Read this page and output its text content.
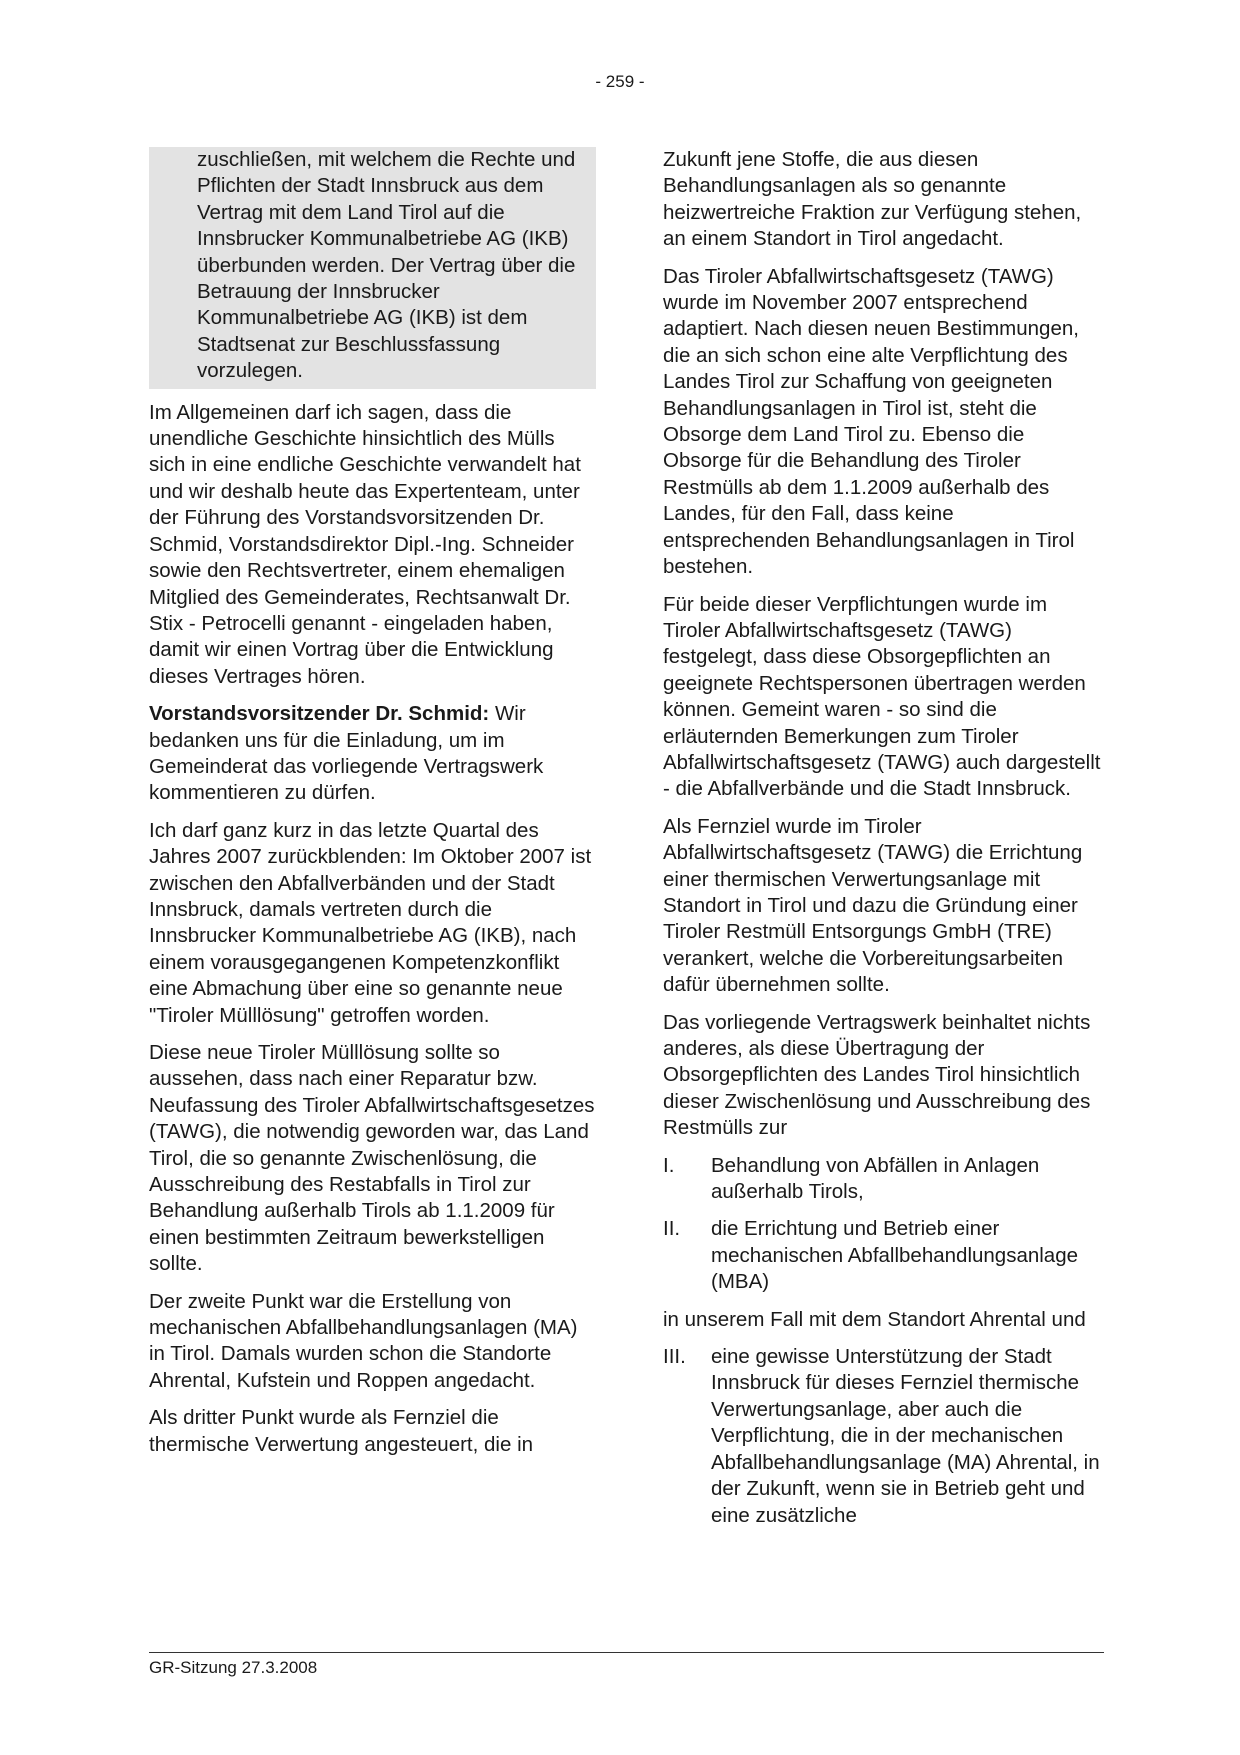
- 259 -
zuschließen, mit welchem die Rechte und Pflichten der Stadt Innsbruck aus dem Vertrag mit dem Land Tirol auf die Innsbrucker Kommunalbetriebe AG (IKB) überbunden werden. Der Vertrag über die Betrauung der Innsbrucker Kommunalbetriebe AG (IKB) ist dem Stadtsenat zur Beschlussfassung vorzulegen.

Im Allgemeinen darf ich sagen, dass die unendliche Geschichte hinsichtlich des Mülls sich in eine endliche Geschichte verwandelt hat und wir deshalb heute das Expertenteam, unter der Führung des Vorstandsvorsitzenden Dr. Schmid, Vorstandsdirektor Dipl.-Ing. Schneider sowie den Rechtsvertreter, einem ehemaligen Mitglied des Gemeinderates, Rechtsanwalt Dr. Stix - Petrocelli genannt - eingeladen haben, damit wir einen Vortrag über die Entwicklung dieses Vertrages hören.

Vorstandsvorsitzender Dr. Schmid: Wir bedanken uns für die Einladung, um im Gemeinderat das vorliegende Vertragswerk kommentieren zu dürfen.

Ich darf ganz kurz in das letzte Quartal des Jahres 2007 zurückblenden: Im Oktober 2007 ist zwischen den Abfallverbänden und der Stadt Innsbruck, damals vertreten durch die Innsbrucker Kommunalbetriebe AG (IKB), nach einem vorausgegangenen Kompetenzkonflikt eine Abmachung über eine so genannte neue "Tiroler Mülllösung" getroffen worden.

Diese neue Tiroler Mülllösung sollte so aussehen, dass nach einer Reparatur bzw. Neufassung des Tiroler Abfallwirtschaftsgesetzes (TAWG), die notwendig geworden war, das Land Tirol, die so genannte Zwischenlösung, die Ausschreibung des Restabfalls in Tirol zur Behandlung außerhalb Tirols ab 1.1.2009 für einen bestimmten Zeitraum bewerkstelligen sollte.

Der zweite Punkt war die Erstellung von mechanischen Abfallbehandlungsanlagen (MA) in Tirol. Damals wurden schon die Standorte Ahrental, Kufstein und Roppen angedacht.

Als dritter Punkt wurde als Fernziel die thermische Verwertung angesteuert, die in

Zukunft jene Stoffe, die aus diesen Behandlungsanlagen als so genannte heizwertreiche Fraktion zur Verfügung stehen, an einem Standort in Tirol angedacht.

Das Tiroler Abfallwirtschaftsgesetz (TAWG) wurde im November 2007 entsprechend adaptiert. Nach diesen neuen Bestimmungen, die an sich schon eine alte Verpflichtung des Landes Tirol zur Schaffung von geeigneten Behandlungsanlagen in Tirol ist, steht die Obsorge dem Land Tirol zu. Ebenso die Obsorge für die Behandlung des Tiroler Restmülls ab dem 1.1.2009 außerhalb des Landes, für den Fall, dass keine entsprechenden Behandlungsanlagen in Tirol bestehen.

Für beide dieser Verpflichtungen wurde im Tiroler Abfallwirtschaftsgesetz (TAWG) festgelegt, dass diese Obsorgepflichten an geeignete Rechtspersonen übertragen werden können. Gemeint waren - so sind die erläuternden Bemerkungen zum Tiroler Abfallwirtschaftsgesetz (TAWG) auch dargestellt - die Abfallverbände und die Stadt Innsbruck.

Als Fernziel wurde im Tiroler Abfallwirtschaftsgesetz (TAWG) die Errichtung einer thermischen Verwertungsanlage mit Standort in Tirol und dazu die Gründung einer Tiroler Restmüll Entsorgungs GmbH (TRE) verankert, welche die Vorbereitungsarbeiten dafür übernehmen sollte.

Das vorliegende Vertragswerk beinhaltet nichts anderes, als diese Übertragung der Obsorgepflichten des Landes Tirol hinsichtlich dieser Zwischenlösung und Ausschreibung des Restmülls zur

I.	Behandlung von Abfällen in Anlagen außerhalb Tirols,
II.	die Errichtung und Betrieb einer mechanischen Abfallbehandlungsanlage (MBA)

in unserem Fall mit dem Standort Ahrental und

III.	eine gewisse Unterstützung der Stadt Innsbruck für dieses Fernziel thermische Verwertungsanlage, aber auch die Verpflichtung, die in der mechanischen Abfallbehandlungsanlage (MA) Ahrental, in der Zukunft, wenn sie in Betrieb geht und eine zusätzliche
GR-Sitzung 27.3.2008
